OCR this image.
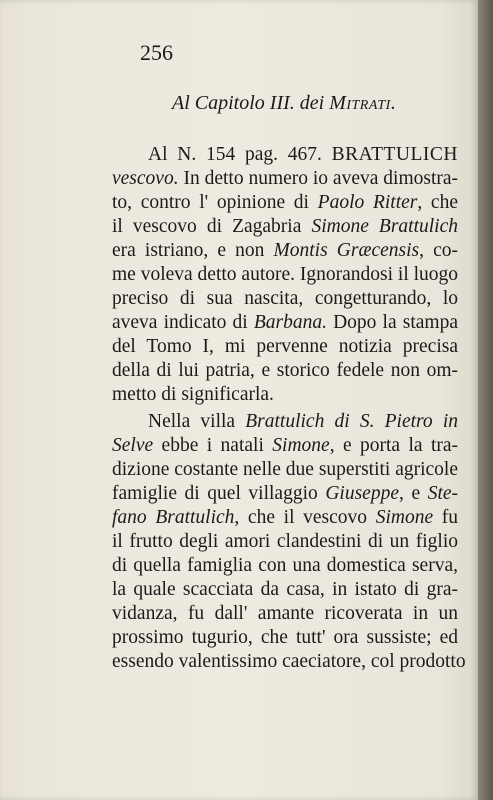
256
Al Capitolo III. dei Mitrati.
Al N. 154 pag. 467. BRATTULICH
vescovo. In detto numero io aveva dimostra-
to, contro l' opinione di Paolo Ritter, che
il vescovo di Zagabria Simone Brattulich
era istriano, e non Montis Græcensis, co-
me voleva detto autore. Ignorandosi il luogo
preciso di sua nascita, congetturando, lo
aveva indicato di Barbana. Dopo la stampa
del Tomo I, mi pervenne notizia precisa
della di lui patria, e storico fedele non om-
metto di significarla.
Nella villa Brattulich di S. Pietro in
Selve ebbe i natali Simone, e porta la tra-
dizione costante nelle due superstiti agricole
famiglie di quel villaggio Giuseppe, e Ste-
fano Brattulich, che il vescovo Simone fu
il frutto degli amori clandestini di un figlio
di quella famiglia con una domestica serva,
la quale scacciata da casa, in istato di gra-
vidanza, fu dall' amante ricoverata in un
prossimo tugurio, che tutt' ora sussiste; ed
essendo valentissimo caeciatore, col prodotto
